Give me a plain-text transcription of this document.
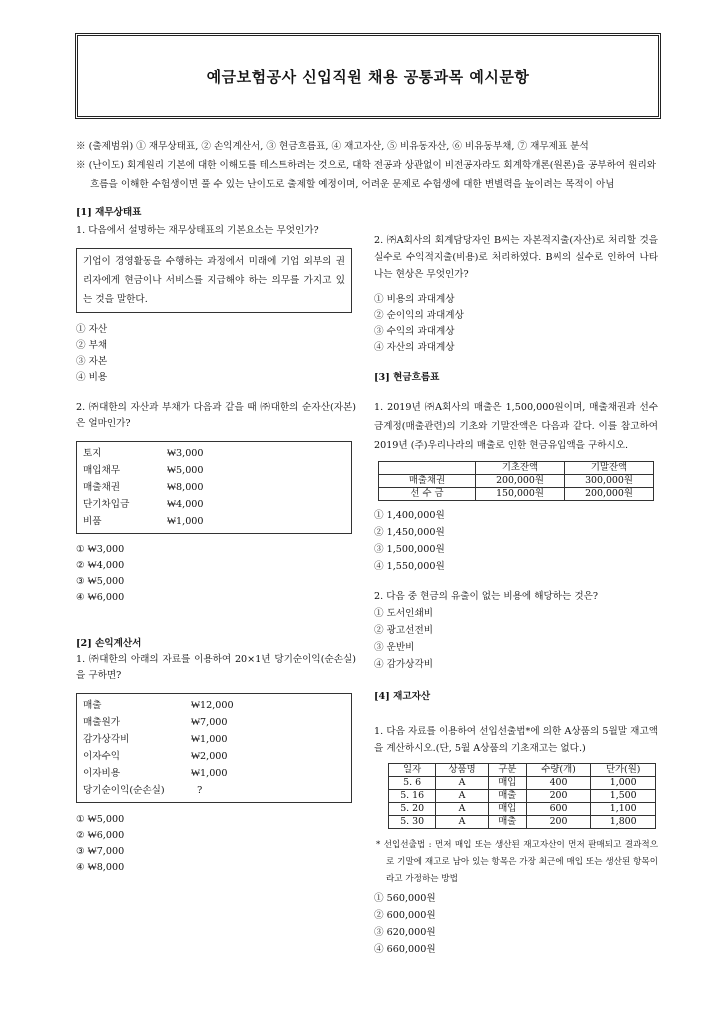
예금보험공사 신입직원 채용 공통과목 예시문항
※ (출제범위) ① 재무상태표, ② 손익계산서, ③ 현금흐름표, ④ 재고자산, ⑤ 비유동자산, ⑥ 비유동부채, ⑦ 재무제표 분석
※ (난이도) 회계원리 기본에 대한 이해도를 테스트하려는 것으로, 대학 전공과 상관없이 비전공자라도 회계학개론(원론)을 공부하여 원리와
흐름을 이해한 수험생이면 풀 수 있는 난이도로 출제할 예정이며, 어려운 문제로 수험생에 대한 변별력을 높이려는 목적이 아님

[1] 재무상태표

1. 다음에서 설명하는 재무상태표의 기본요소는 무엇인가?

기업이 경영활동을 수행하는 과정에서 미래에 기업 외부의 권리자에게 현금이나 서비스를 지급해야 하는 의무를 가지고 있는 것을 말한다.

① 자산

② 부채

③ 자본

④ 비용

2. ㈜대한의 자산과 부채가 다음과 같을 때 ㈜대한의 순자산(자본)은 얼마인가?

토지	₩3,000
매입채무	₩5,000
매출채권	₩8,000
단기차입금	₩4,000
비품	₩1,000

① ₩3,000

② ₩4,000

③ ₩5,000

④ ₩6,000

[2] 손익계산서

1. ㈜대한의 아래의 자료를 이용하여 20×1년 당기순이익(순손실)을 구하면?

매출	₩12,000
매출원가	₩7,000
감가상각비	₩1,000
이자수익	₩2,000
이자비용	₩1,000
당기순이익(순손실)	?

① ₩5,000

② ₩6,000

③ ₩7,000

④ ₩8,000

2. ㈜A회사의 회계담당자인 B씨는 자본적지출(자산)로 처리할 것을 실수로 수익적지출(비용)로 처리하였다. B씨의 실수로 인하여 나타나는 현상은 무엇인가?

① 비용의 과대계상

② 순이익의 과대계상

③ 수익의 과대계상

④ 자산의 과대계상

[3] 현금흐름표

1. 2019년 ㈜A회사의 매출은 1,500,000원이며, 매출채권과 선수금계정(매출관련)의 기초와 기말잔액은 다음과 같다. 이를 참고하여 2019년 (주)우리나라의 매출로 인한 현금유입액을 구하시오.

	기초잔액	기말잔액
매출채권	200,000원	300,000원
선 수 금	150,000원	200,000원

① 1,400,000원

② 1,450,000원

③ 1,500,000원

④ 1,550,000원

2. 다음 중 현금의 유출이 없는 비용에 해당하는 것은?

① 도서인쇄비

② 광고선전비

③ 운반비

④ 감가상각비

[4] 재고자산

1. 다음 자료를 이용하여 선입선출법*에 의한 A상품의 5월말 재고액을 계산하시오.(단, 5월 A상품의 기초재고는 없다.)

일자	상품명	구분	수량(개)	단가(원)
5. 6	A	매입	400	1,000
5. 16	A	매출	200	1,500
5. 20	A	매입	600	1,100
5. 30	A	매출	200	1,800

* 선입선출법 : 먼저 매입 또는 생산된 재고자산이 먼저 판매되고 결과적으로 기말에 재고로 남아 있는 항목은 가장 최근에 매입 또는 생산된 항목이라고 가정하는 방법

① 560,000원

② 600,000원

③ 620,000원

④ 660,000원
